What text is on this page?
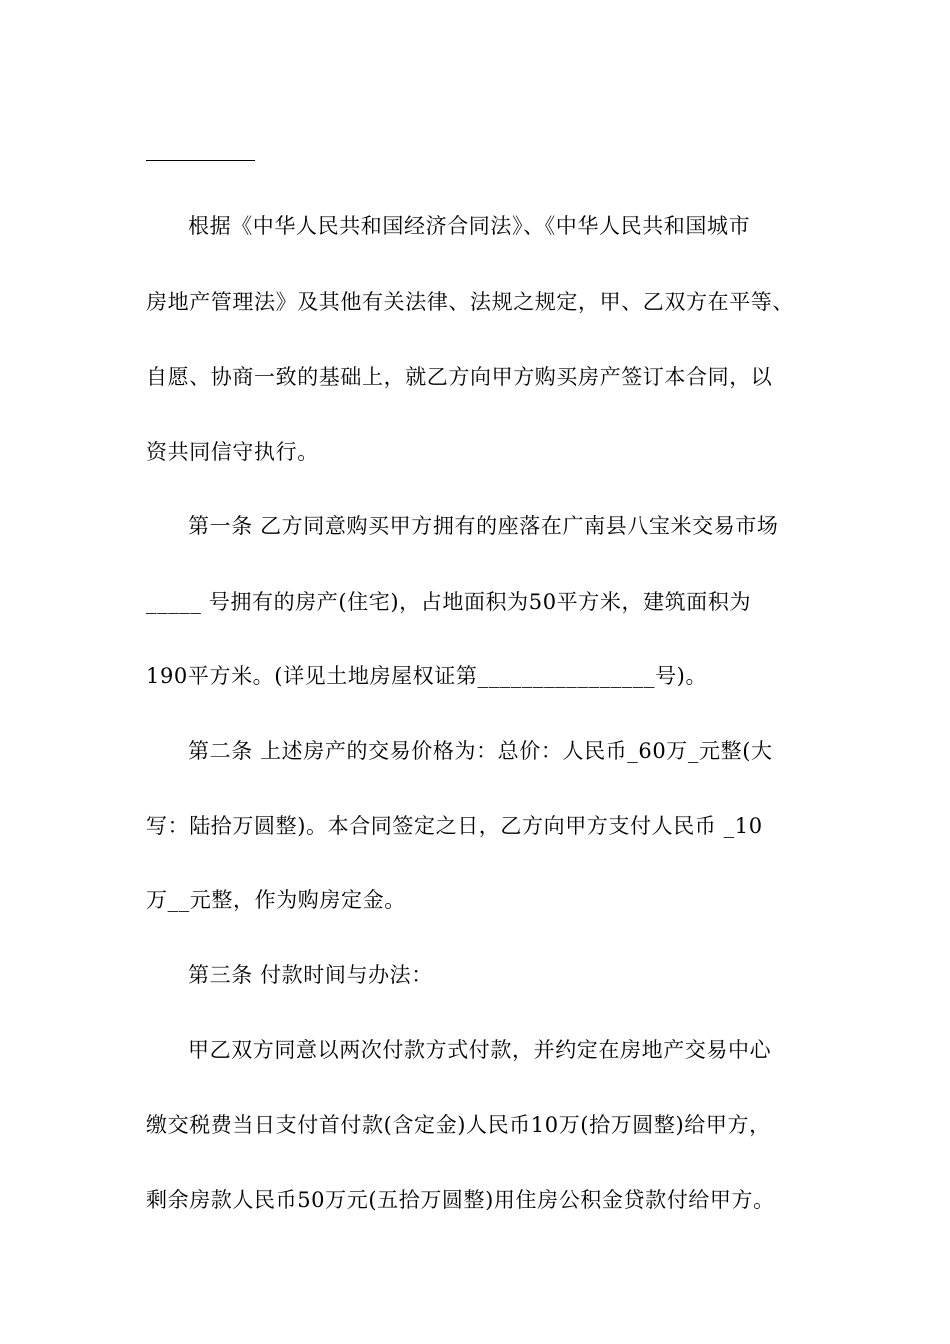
根据《中华人民共和国经济合同法》、《中华人民共和国城市
房地产管理法》及其他有关法律、法规之规定，甲、乙双方在平等、
自愿、协商一致的基础上，就乙方向甲方购买房产签订本合同，以
资共同信守执行。
第一条 乙方同意购买甲方拥有的座落在广南县八宝米交易市场
_____ 号拥有的房产(住宅)，占地面积为50平方米，建筑面积为
190平方米。(详见土地房屋权证第________________号)。
第二条 上述房产的交易价格为：总价：人民币_60万_元整(大
写：陆拾万圆整)。本合同签定之日，乙方向甲方支付人民币 _10
万__元整，作为购房定金。
第三条 付款时间与办法：
甲乙双方同意以两次付款方式付款，并约定在房地产交易中心
缴交税费当日支付首付款(含定金)人民币10万(拾万圆整)给甲方，
剩余房款人民币50万元(五拾万圆整)用住房公积金贷款付给甲方。
